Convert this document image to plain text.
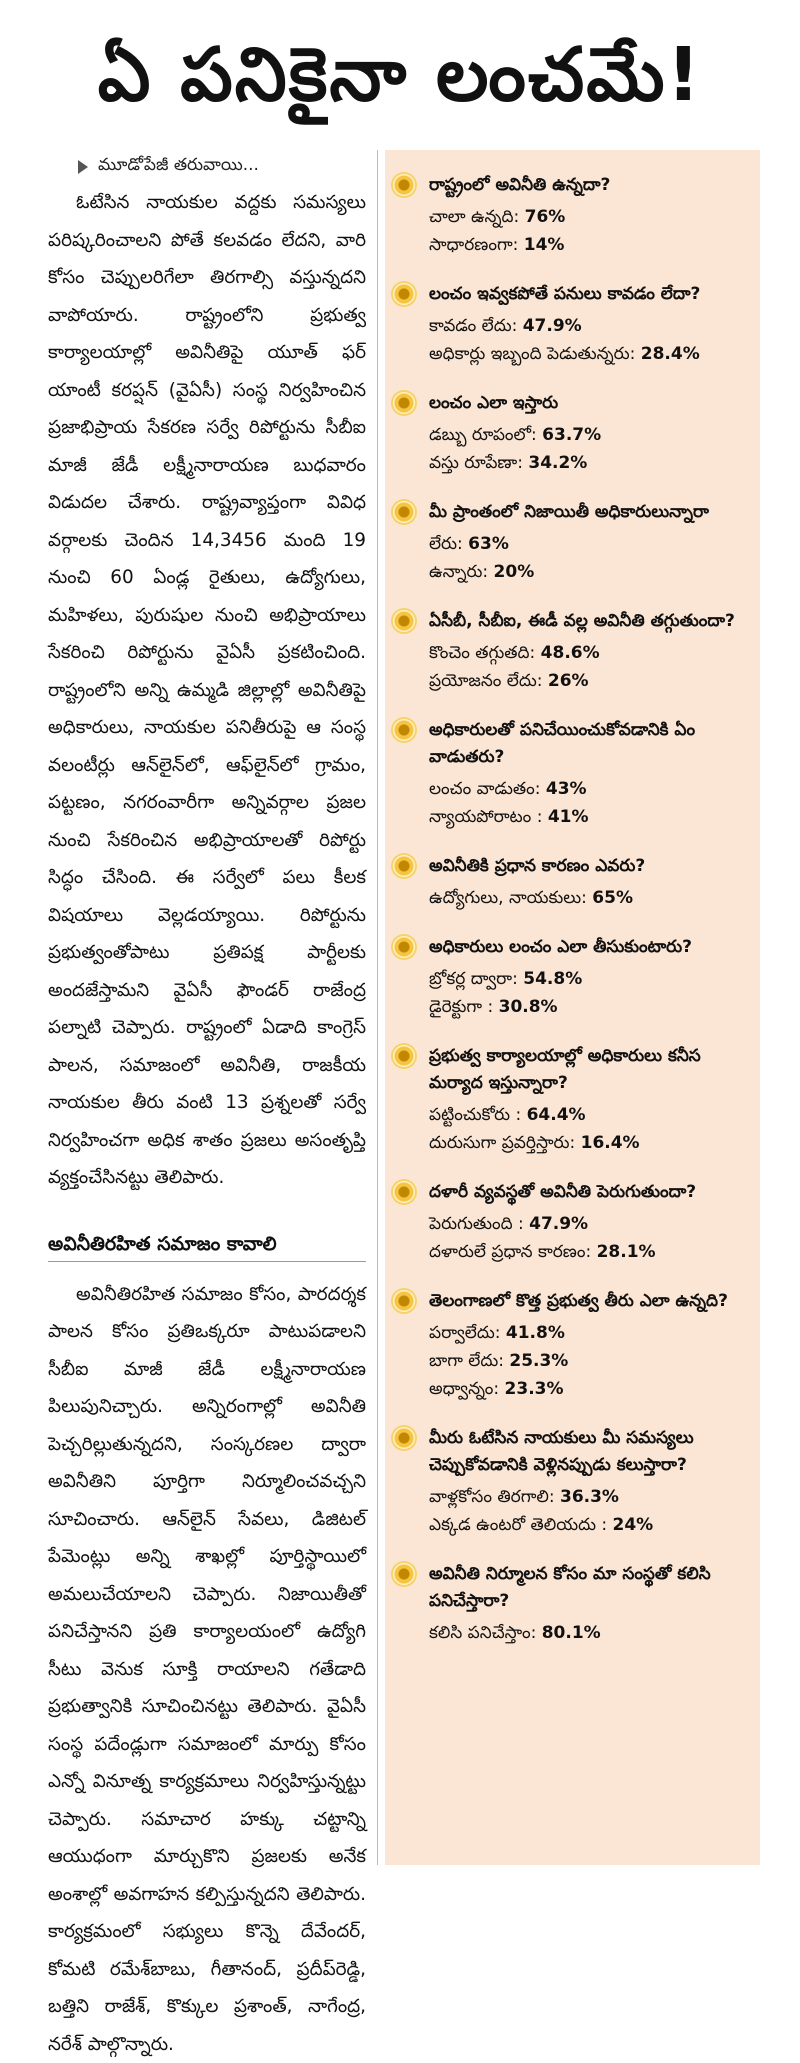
ఏ పనికైనా లంచమే!
మూడోపేజీ తరువాయి...

ఓటేసిన నాయకుల వద్దకు సమస్యలు పరిష్కరించాలని పోతే కలవడం లేదని, వారి కోసం చెప్పులరిగేలా తిరగాల్సి వస్తున్నదని వాపోయారు. రాష్ట్రంలోని ప్రభుత్వ కార్యాలయాల్లో అవినీతిపై యూత్ ఫర్ యాంటీ కరప్షన్ (వైఏసీ) సంస్థ నిర్వహించిన ప్రజాభిప్రాయ సేకరణ సర్వే రిపోర్టును సీబీఐ మాజీ జేడీ లక్ష్మీనారాయణ బుధవారం విడుదల చేశారు. రాష్ట్రవ్యాప్తంగా వివిధ వర్గాలకు చెందిన 14,3456 మంది 19 నుంచి 60 ఏండ్ల రైతులు, ఉద్యోగులు, మహిళలు, పురుషుల నుంచి అభిప్రాయాలు సేకరించి రిపోర్టును వైఏసీ ప్రకటించింది. రాష్ట్రంలోని అన్ని ఉమ్మడి జిల్లాల్లో అవినీతిపై అధికారులు, నాయకుల పనితీరుపై ఆ సంస్థ వలంటీర్లు ఆన్‌లైన్‌లో, ఆఫ్‌లైన్‌లో గ్రామం, పట్టణం, నగరంవారీగా అన్నివర్గాల ప్రజల నుంచి సేకరించిన అభిప్రాయాలతో రిపోర్టు సిద్ధం చేసింది. ఈ సర్వేలో పలు కీలక విషయాలు వెల్లడయ్యాయి. రిపోర్టును ప్రభుత్వంతోపాటు ప్రతిపక్ష పార్టీలకు అందజేస్తామని వైఏసీ ఫౌండర్ రాజేంద్ర పల్నాటి చెప్పారు. రాష్ట్రంలో ఏడాది కాంగ్రెస్ పాలన, సమాజంలో అవినీతి, రాజకీయ నాయకుల తీరు వంటి 13 ప్రశ్నలతో సర్వే నిర్వహించగా అధిక శాతం ప్రజలు అసంతృప్తి వ్యక్తంచేసినట్టు తెలిపారు.

అవినీతిరహిత సమాజం కావాలి

అవినీతిరహిత సమాజం కోసం, పారదర్శక పాలన కోసం ప్రతిఒక్కరూ పాటుపడాలని సీబీఐ మాజీ జేడీ లక్ష్మీనారాయణ పిలుపునిచ్చారు. అన్నిరంగాల్లో అవినీతి పెచ్చరిల్లుతున్నదని, సంస్కరణల ద్వారా అవినీతిని పూర్తిగా నిర్మూలించవచ్చని సూచించారు. ఆన్‌లైన్ సేవలు, డిజిటల్ పేమెంట్లు అన్ని శాఖల్లో పూర్తిస్థాయిలో అమలుచేయాలని చెప్పారు. నిజాయితీతో పనిచేస్తానని ప్రతి కార్యాలయంలో ఉద్యోగి సీటు వెనుక సూక్తి రాయాలని గతేడాది ప్రభుత్వానికి సూచించినట్టు తెలిపారు. వైఏసీ సంస్థ పదేండ్లుగా సమాజంలో మార్పు కోసం ఎన్నో వినూత్న కార్యక్రమాలు నిర్వహిస్తున్నట్టు చెప్పారు. సమాచార హక్కు చట్టాన్ని ఆయుధంగా మార్చుకొని ప్రజలకు అనేక అంశాల్లో అవగాహన కల్పిస్తున్నదని తెలిపారు. కార్యక్రమంలో సభ్యులు కొన్నె దేవేందర్, కోమటి రమేశ్‌బాబు, గీతానంద్, ప్రదీప్‌రెడ్డి, బత్తిని రాజేశ్, కొక్కుల ప్రశాంత్, నాగేంద్ర, నరేశ్ పాల్గొన్నారు.

రాష్ట్రంలో అవినీతి ఉన్నదా?

చాలా ఉన్నది: 76%

సాధారణంగా: 14%

లంచం ఇవ్వకపోతే పనులు కావడం లేదా?

కావడం లేదు: 47.9%

అధికార్లు ఇబ్బంది పెడుతున్నరు: 28.4%

లంచం ఎలా ఇస్తారు

డబ్బు రూపంలో: 63.7%

వస్తు రూపేణా: 34.2%

మీ ప్రాంతంలో నిజాయితీ అధికారులున్నారా

లేరు: 63%

ఉన్నారు: 20%

ఏసీబీ, సీబీఐ, ఈడీ వల్ల అవినీతి తగ్గుతుందా?

కొంచెం తగ్గుతది: 48.6%

ప్రయోజనం లేదు: 26%

అధికారులతో పనిచేయించుకోవడానికి ఏం వాడుతరు?

లంచం వాడుతం: 43%

న్యాయపోరాటం : 41%

అవినీతికి ప్రధాన కారణం ఎవరు?

ఉద్యోగులు, నాయకులు: 65%

అధికారులు లంచం ఎలా తీసుకుంటారు?

బ్రోకర్ల ద్వారా: 54.8%

డైరెక్టుగా : 30.8%

ప్రభుత్వ కార్యాలయాల్లో అధికారులు కనీస మర్యాద ఇస్తున్నారా?

పట్టించుకోరు : 64.4%

దురుసుగా ప్రవర్తిస్తారు: 16.4%

దళారీ వ్యవస్థతో అవినీతి పెరుగుతుందా?

పెరుగుతుంది : 47.9%

దళారులే ప్రధాన కారణం: 28.1%

తెలంగాణలో కొత్త ప్రభుత్వ తీరు ఎలా ఉన్నది?

పర్వాలేదు: 41.8%

బాగా లేదు: 25.3%

అధ్వాన్నం: 23.3%

మీరు ఓటేసిన నాయకులు మీ సమస్యలు చెప్పుకోవడానికి వెళ్లినప్పుడు కలుస్తారా?

వాళ్లకోసం తిరగాలి: 36.3%

ఎక్కడ ఉంటరో తెలియదు : 24%

అవినీతి నిర్మూలన కోసం మా సంస్థతో కలిసి పనిచేస్తారా?

కలిసి పనిచేస్తాం: 80.1%
